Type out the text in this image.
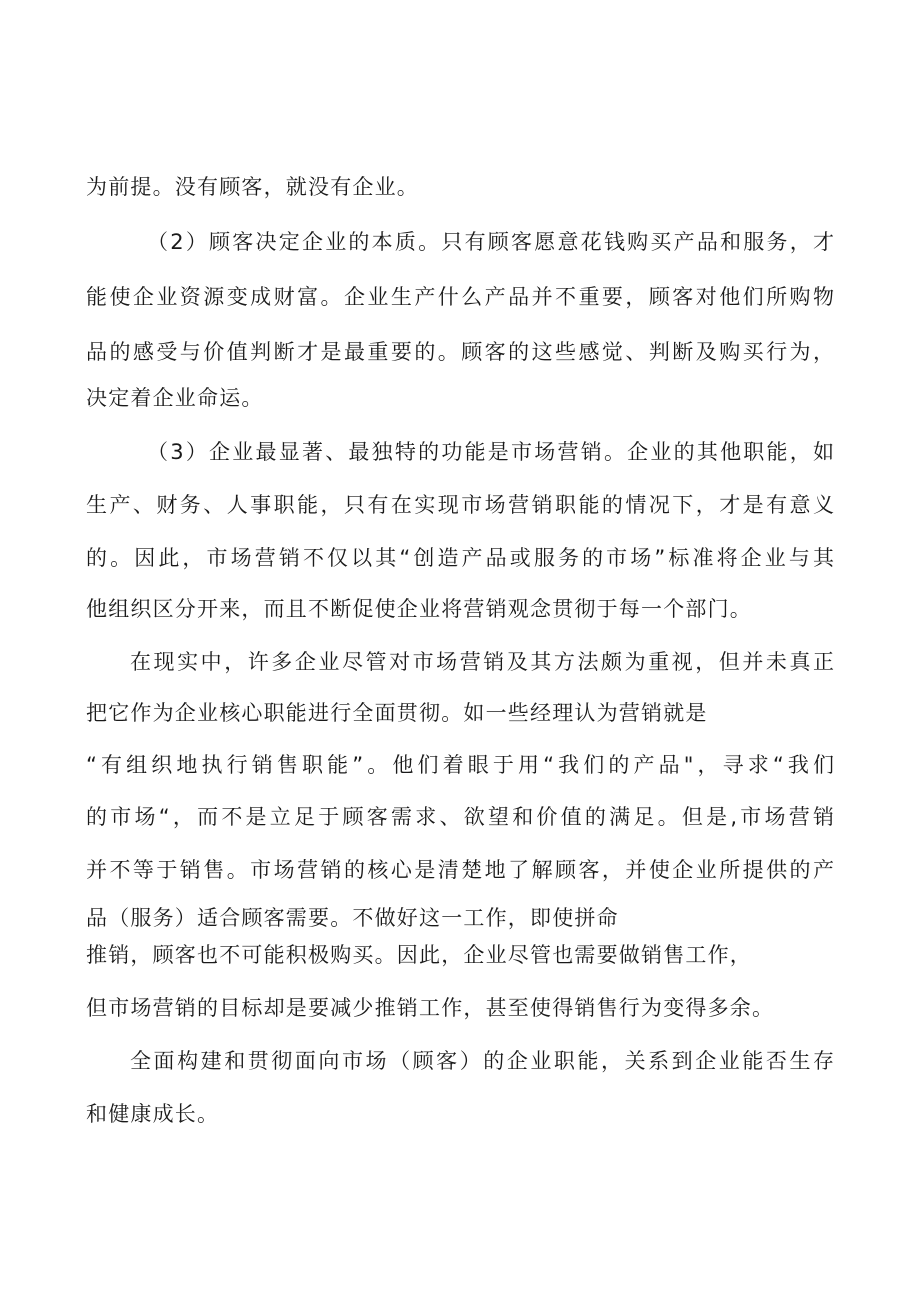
为前提。没有顾客，就没有企业。
（2）顾客决定企业的本质。只有顾客愿意花钱购买产品和服务，才
能使企业资源变成财富。企业生产什么产品并不重要，顾客对他们所购物
品的感受与价值判断才是最重要的。顾客的这些感觉、判断及购买行为，
决定着企业命运。
（3）企业最显著、最独特的功能是市场营销。企业的其他职能，如
生产、财务、人事职能，只有在实现市场营销职能的情况下，才是有意义
的。因此，市场营销不仅以其“创造产品或服务的市场”标准将企业与其
他组织区分开来，而且不断促使企业将营销观念贯彻于每一个部门。
在现实中，许多企业尽管对市场营销及其方法颇为重视，但并未真正
把它作为企业核心职能进行全面贯彻。如一些经理认为营销就是
“有组织地执行销售职能”。他们着眼于用“我们的产品"，寻求“我们
的市场“，而不是立足于顾客需求、欲望和价值的满足。但是,市场营销
并不等于销售。市场营销的核心是清楚地了解顾客，并使企业所提供的产
品（服务）适合顾客需要。不做好这一工作，即使拼命
推销，顾客也不可能积极购买。因此，企业尽管也需要做销售工作，
但市场营销的目标却是要减少推销工作，甚至使得销售行为变得多余。
全面构建和贯彻面向市场（顾客）的企业职能，关系到企业能否生存
和健康成长。
